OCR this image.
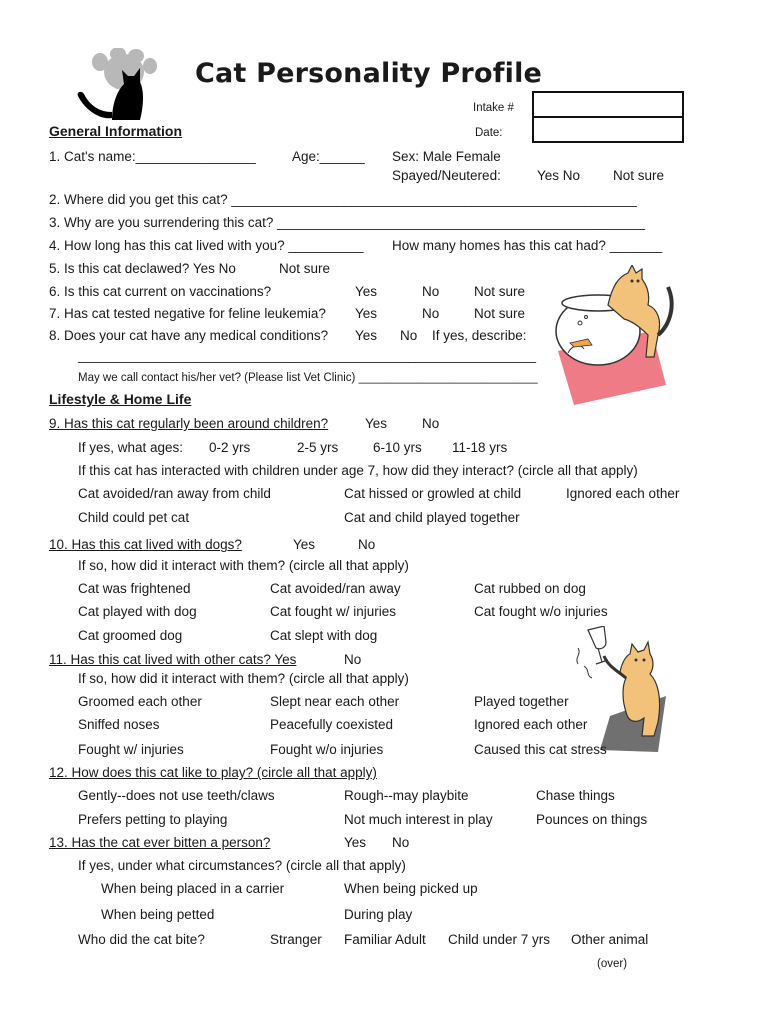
Cat Personality Profile
Intake #
Date:
General Information
1. Cat's name:________________	Age:______ Sex: Male Female
Spayed/Neutered:	Yes No Not sure
2. Where did you get this cat? ______________________________________________________
3. Why are you surrendering this cat? _________________________________________________
4. How long has this cat lived with you? __________ How many homes has this cat had? _______
5. Is this cat declawed? Yes No	Not sure
6. Is this cat current on vaccinations?	Yes	No	Not sure
7. Has cat tested negative for feline leukemia? Yes	No	Not sure
8. Does your cat have any medical conditions? Yes No If yes, describe:
_____________________________________________________________
May we call contact his/her vet? (Please list Vet Clinic) ____________________________
Lifestyle & Home Life
9. Has this cat regularly been around children?	Yes	No
If yes, what ages: 0-2 yrs	2-5 yrs	6-10 yrs 11-18 yrs
If this cat has interacted with children under age 7, how did they interact? (circle all that apply)
Cat avoided/ran away from child	Cat hissed or growled at child	Ignored each other
Child could pet cat	Cat and child played together
10. Has this cat lived with dogs?	Yes	No
If so, how did it interact with them? (circle all that apply)
Cat was frightened	Cat avoided/ran away	Cat rubbed on dog
Cat played with dog	Cat fought w/ injuries	Cat fought w/o injuries
Cat groomed dog	Cat slept with dog
11. Has this cat lived with other cats? Yes	No
If so, how did it interact with them? (circle all that apply)
Groomed each other	Slept near each other	Played together
Sniffed noses	Peacefully coexisted	Ignored each other
Fought w/ injuries	Fought w/o injuries	Caused this cat stress
12. How does this cat like to play? (circle all that apply)
Gently--does not use teeth/claws	Rough--may playbite	Chase things
Prefers petting to playing	Not much interest in play	Pounces on things
13. Has the cat ever bitten a person?	Yes No
If yes, under what circumstances? (circle all that apply)
When being placed in a carrier	When being picked up
When being petted	During play
Who did the cat bite?	Stranger Familiar Adult Child under 7 yrs Other animal
(over)
